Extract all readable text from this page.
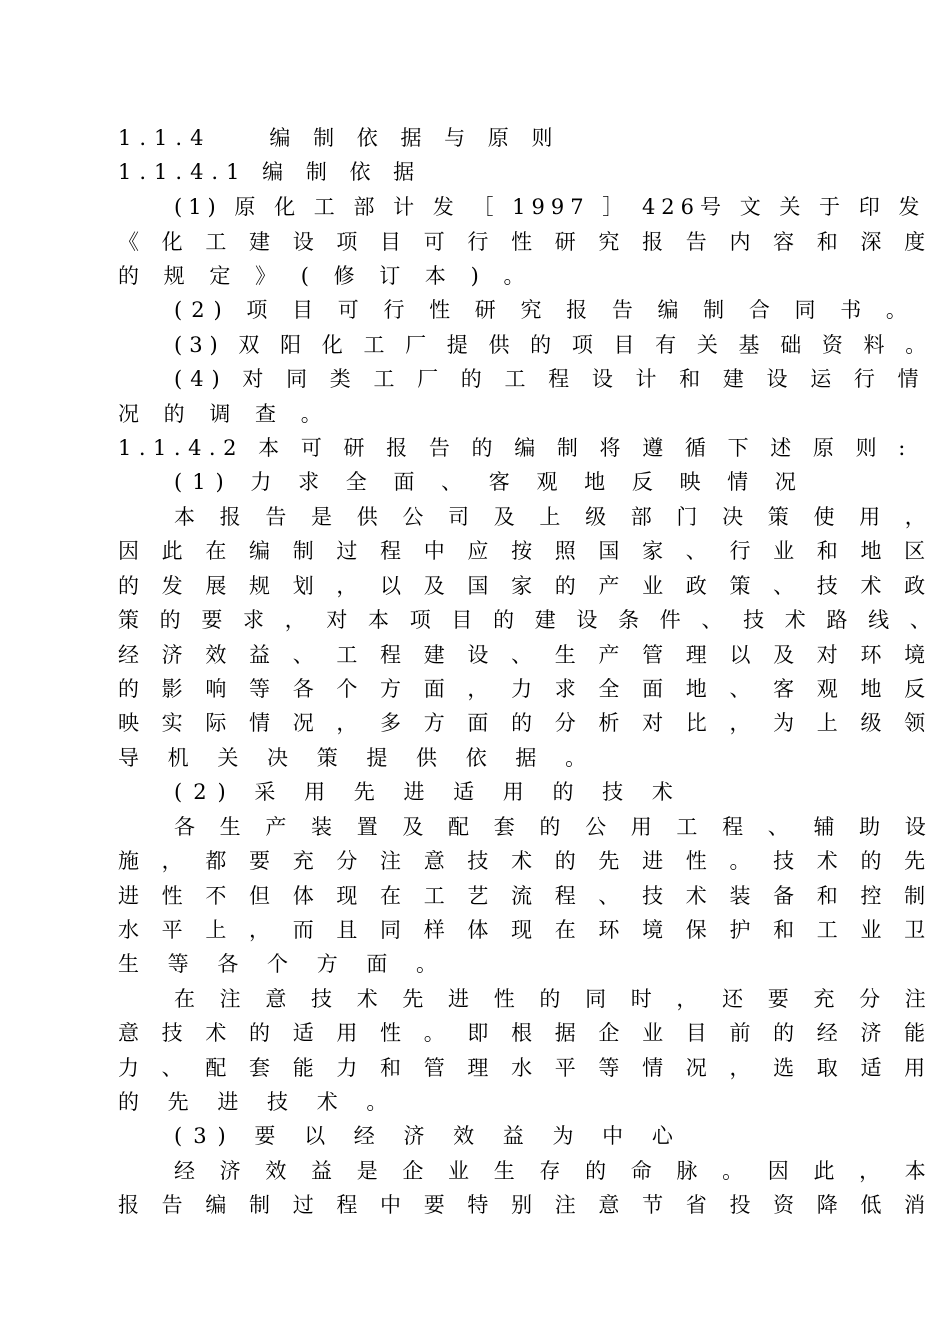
1.1.4　　编 制 依 据 与 原 则
1.1.4.1 编 制 依 据
(1) 原 化 工 部 计 发 ［ 1997 ］ 426号 文 关 于 印 发
《 化 工 建 设 项 目 可 行 性 研 究 报 告 内 容 和 深 度
的 规 定 》 ( 修 订 本 ) 。
(2) 项 目 可 行 性 研 究 报 告 编 制 合 同 书 。
(3) 双 阳 化 工 厂 提 供 的 项 目 有 关 基 础 资 料 。
(4) 对 同 类 工 厂 的 工 程 设 计 和 建 设 运 行 情
况 的 调 查 。
1.1.4.2 本 可 研 报 告 的 编 制 将 遵 循 下 述 原 则 :
(1) 力 求 全 面 、 客 观 地 反 映 情 况
本 报 告 是 供 公 司 及 上 级 部 门 决 策 使 用 ，
因 此 在 编 制 过 程 中 应 按 照 国 家 、 行 业 和 地 区
的 发 展 规 划 ， 以 及 国 家 的 产 业 政 策 、 技 术 政
策 的 要 求 ， 对 本 项 目 的 建 设 条 件 、 技 术 路 线 、
经 济 效 益 、 工 程 建 设 、 生 产 管 理 以 及 对 环 境
的 影 响 等 各 个 方 面 ， 力 求 全 面 地 、 客 观 地 反
映 实 际 情 况 ， 多 方 面 的 分 析 对 比 ， 为 上 级 领
导 机 关 决 策 提 供 依 据 。
(2) 采 用 先 进 适 用 的 技 术
各 生 产 装 置 及 配 套 的 公 用 工 程 、 辅 助 设
施 ， 都 要 充 分 注 意 技 术 的 先 进 性 。 技 术 的 先
进 性 不 但 体 现 在 工 艺 流 程 、 技 术 装 备 和 控 制
水 平 上 ， 而 且 同 样 体 现 在 环 境 保 护 和 工 业 卫
生 等 各 个 方 面 。
在 注 意 技 术 先 进 性 的 同 时 ， 还 要 充 分 注
意 技 术 的 适 用 性 。 即 根 据 企 业 目 前 的 经 济 能
力 、 配 套 能 力 和 管 理 水 平 等 情 况 ， 选 取 适 用
的 先 进 技 术 。
(3) 要 以 经 济 效 益 为 中 心
经 济 效 益 是 企 业 生 存 的 命 脉 。 因 此 ， 本
报 告 编 制 过 程 中 要 特 别 注 意 节 省 投 资 降 低 消
